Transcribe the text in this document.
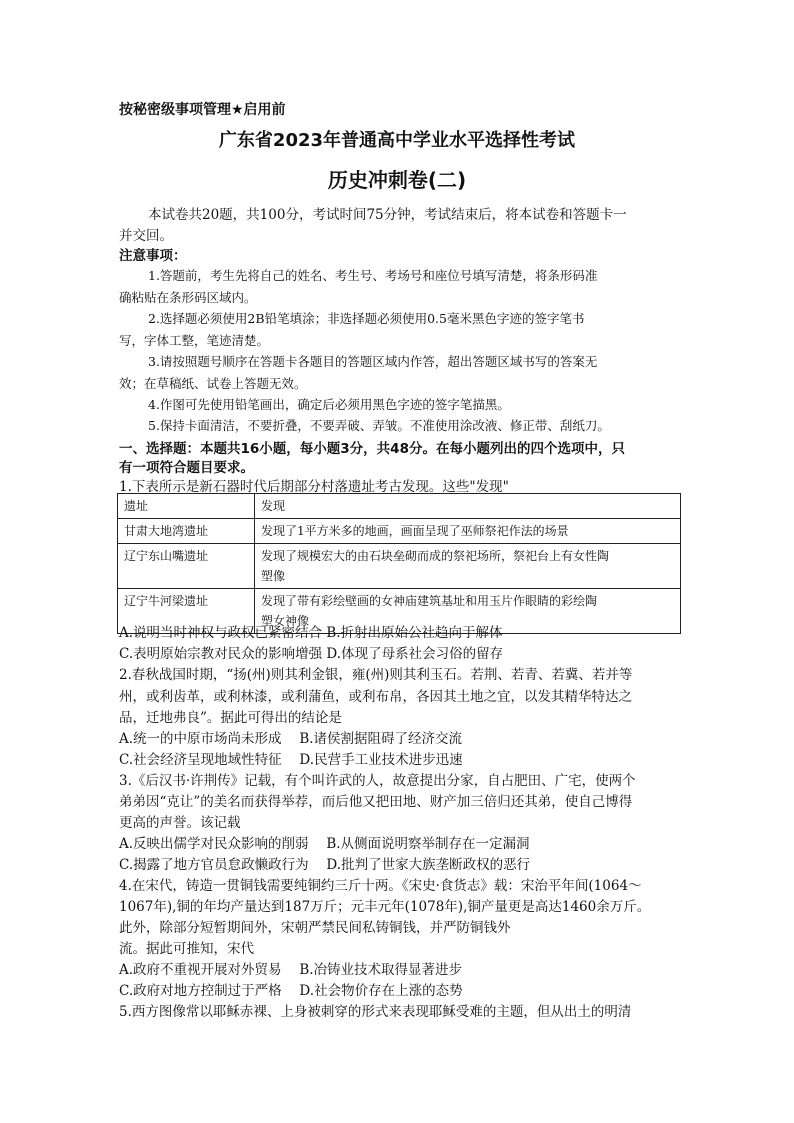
按秘密级事项管理★启用前
广东省2023年普通高中学业水平选择性考试
历史冲刺卷(二)
本试卷共20题，共100分，考试时间75分钟，考试结束后，将本试卷和答题卡一
并交回。
注意事项：
1.答题前，考生先将自己的姓名、考生号、考场号和座位号填写清楚，将条形码准
确粘贴在条形码区域内。
2.选择题必须使用2B铅笔填涂；非选择题必须使用0.5毫米黑色字迹的签字笔书
写，字体工整，笔迹清楚。
3.请按照题号顺序在答题卡各题目的答题区域内作答，超出答题区域书写的答案无
效；在草稿纸、试卷上答题无效。
4.作图可先使用铅笔画出，确定后必须用黑色字迹的签字笔描黑。
5.保持卡面清洁，不要折叠，不要弄破、弄皱。不准使用涂改液、修正带、刮纸刀。
一、选择题：本题共16小题，每小题3分，共48分。在每小题列出的四个选项中，只
有一项符合题目要求。
1.下表所示是新石器时代后期部分村落遗址考古发现。这些"发现"
遗址	发现
甘肃大地湾遗址	发现了1平方米多的地画，画面呈现了巫师祭祀作法的场景
辽宁东山嘴遗址	发现了规模宏大的由石块垒砌而成的祭祀场所，祭祀台上有女性陶
塑像
辽宁牛河梁遗址	发现了带有彩绘壁画的女神庙建筑基址和用玉片作眼睛的彩绘陶
塑女神像
A.说明当时神权与政权已紧密结合 B.折射出原始公社趋向于解体
C.表明原始宗教对民众的影响增强 D.体现了母系社会习俗的留存
2.春秋战国时期，“扬(州)则其利金银，雍(州)则其利玉石。若荆、若青、若冀、若并等
州，或利齿革，或利林漆，或利蒲鱼，或利布帛，各因其土地之宜，以发其精华特达之
品，迁地弗良”。据此可得出的结论是
A.统一的中原市场尚未形成　 B.诸侯割据阻碍了经济交流
C.社会经济呈现地域性特征　 D.民营手工业技术进步迅速
3.《后汉书·许荆传》记载，有个叫许武的人，故意提出分家，自占肥田、广宅，使两个
弟弟因“克让”的美名而获得举荐，而后他又把田地、财产加三倍归还其弟，使自己博得
更高的声誉。该记载
A.反映出儒学对民众影响的削弱　 B.从侧面说明察举制存在一定漏洞
C.揭露了地方官员怠政懒政行为　 D.批判了世家大族垄断政权的恶行
4.在宋代，铸造一贯铜钱需要纯铜约三斤十两。《宋史·食货志》载：宋治平年间(1064～
1067年),铜的年均产量达到187万斤；元丰元年(1078年),铜产量更是高达1460余万斤。
此外，除部分短暂期间外，宋朝严禁民间私铸铜钱，并严防铜钱外
流。据此可推知，宋代
A.政府不重视开展对外贸易　 B.冶铸业技术取得显著进步
C.政府对地方控制过于严格　 D.社会物价存在上涨的态势
5.西方图像常以耶稣赤裸、上身被刺穿的形式来表现耶稣受难的主题，但从出土的明清
